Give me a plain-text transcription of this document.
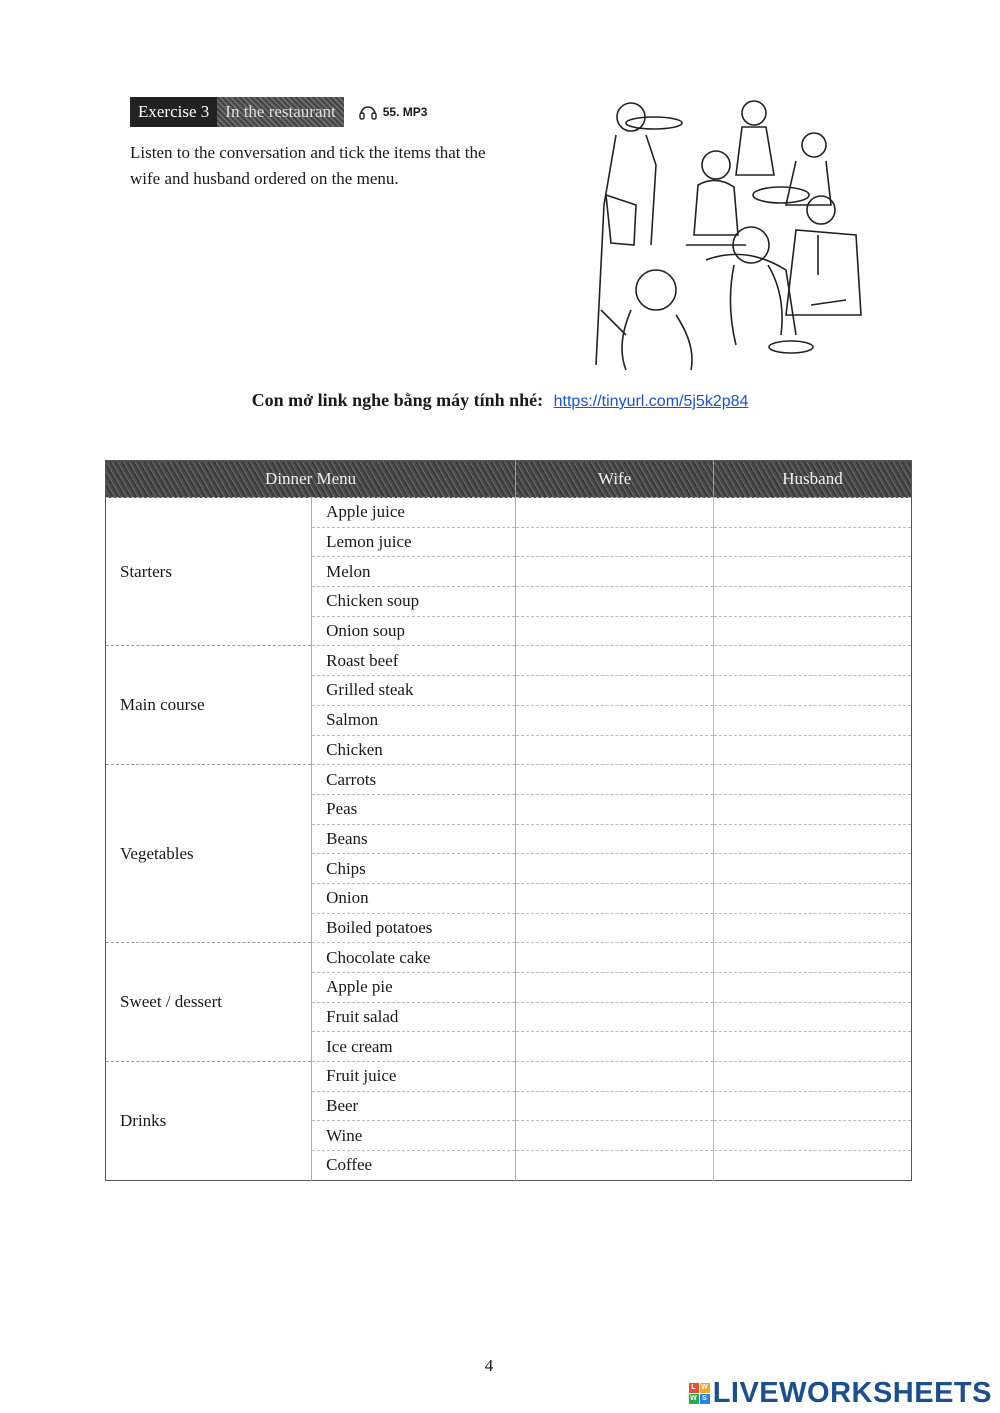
Exercise 3 In the restaurant	55. MP3
Listen to the conversation and tick the items that the wife and husband ordered on the menu.
Con mở link nghe bằng máy tính nhé: https://tinyurl.com/5j5k2p84
Dinner Menu		Wife	Husband
Starters	Apple juice		
	Lemon juice		
	Melon		
	Chicken soup		
	Onion soup		
Main course	Roast beef		
	Grilled steak		
	Salmon		
	Chicken		
Vegetables	Carrots		
	Peas		
	Beans		
	Chips		
	Onion		
	Boiled potatoes		
Sweet / dessert	Chocolate cake		
	Apple pie		
	Fruit salad		
	Ice cream		
Drinks	Fruit juice		
	Beer		
	Wine		
	Coffee		
4
L W
W S LIVEWORKSHEETS
